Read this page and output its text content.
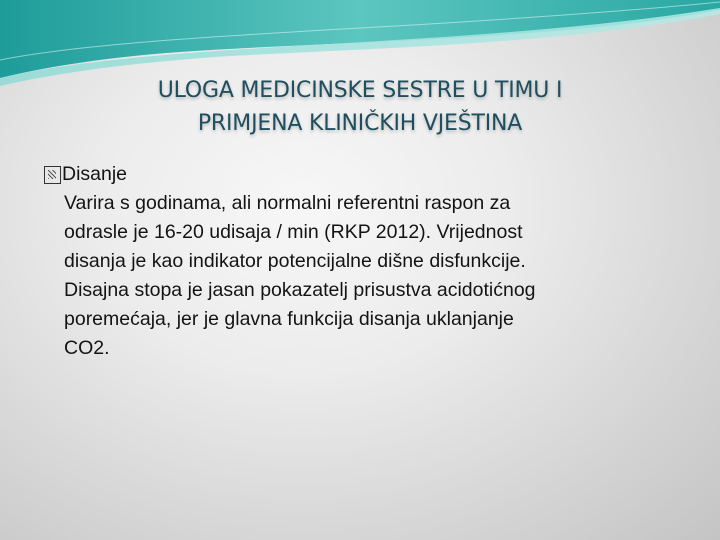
ULOGA MEDICINSKE SESTRE U TIMU I
PRIMJENA KLINIČKIH VJEŠTINA
Disanje
Varira s godinama, ali normalni referentni raspon za
odrasle je 16-20 udisaja / min (RKP 2012). Vrijednost
disanja je kao indikator potencijalne dišne disfunkcije.
Disajna stopa je jasan pokazatelj prisustva acidotićnog
poremećaja, jer je glavna funkcija disanja uklanjanje
CO2.
